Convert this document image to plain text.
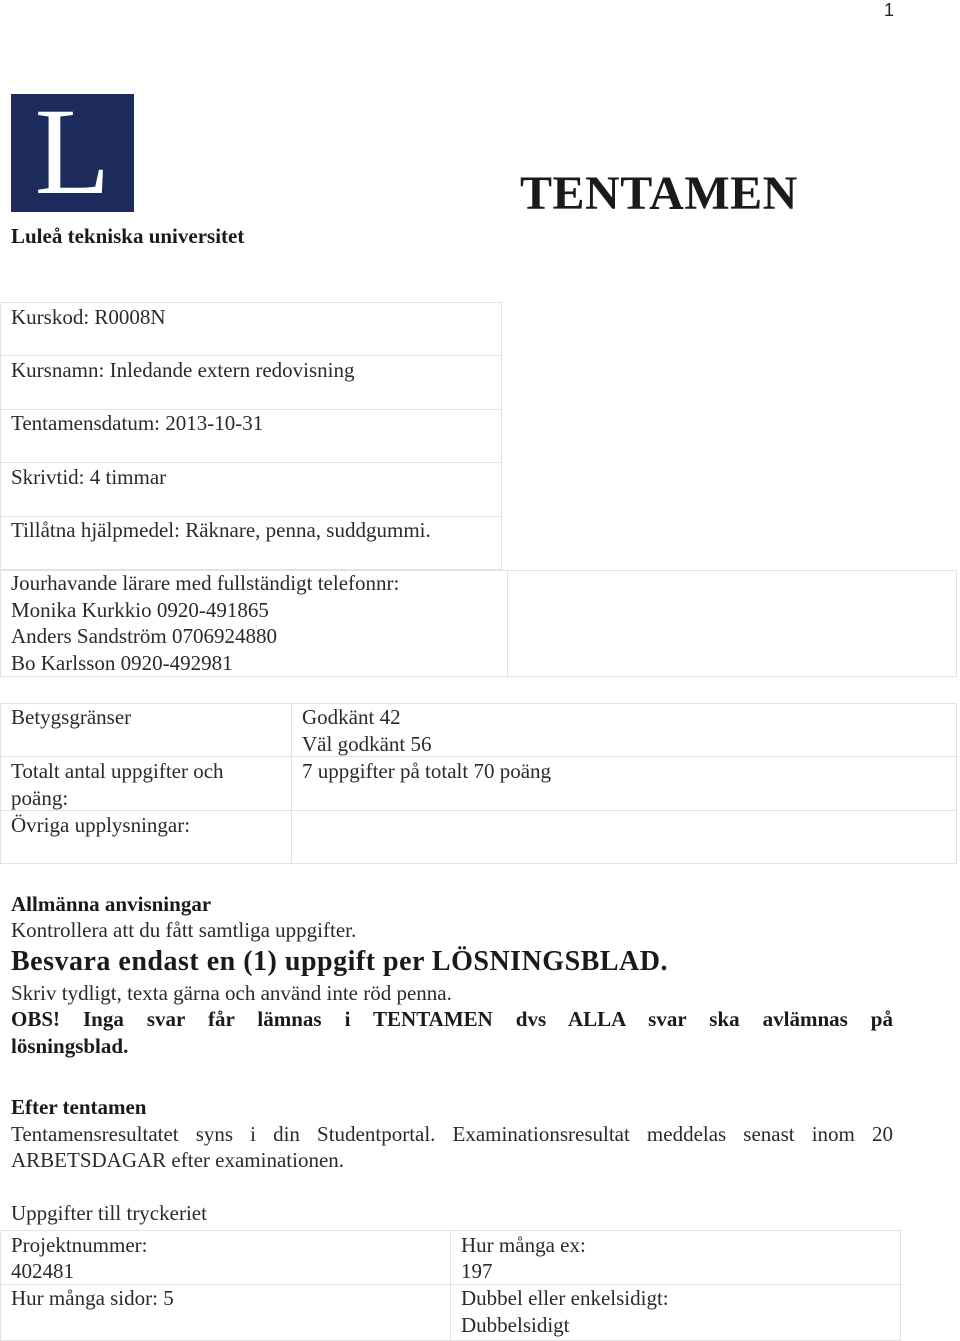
1
L
Luleå tekniska universitet
TENTAMEN
Kurskod: R0008N
Kursnamn: Inledande extern redovisning
Tentamensdatum: 2013-10-31
Skrivtid: 4 timmar
Tillåtna hjälpmedel: Räknare, penna, suddgummi.
Jourhavande lärare med fullständigt telefonnr:
Monika Kurkkio 0920-491865
Anders Sandström 0706924880
Bo Karlsson 0920-492981
Betygsgränser	Godkänt 42
Väl godkänt 56
Totalt antal uppgifter och
poäng:
7 uppgifter på totalt 70 poäng
Övriga upplysningar:
Allmänna anvisningar
Kontrollera att du fått samtliga uppgifter.
Besvara endast en (1) uppgift per LÖSNINGSBLAD.
Skriv tydligt, texta gärna och använd inte röd penna.
OBS! Inga svar får lämnas i TENTAMEN dvs ALLA svar ska avlämnas på
lösningsblad.
Efter tentamen
Tentamensresultatet syns i din Studentportal. Examinationsresultat meddelas senast inom 20
ARBETSDAGAR efter examinationen.
Uppgifter till tryckeriet
Projektnummer:
402481
Hur många ex:
197
Hur många sidor: 5	Dubbel eller enkelsidigt:
Dubbelsidigt
